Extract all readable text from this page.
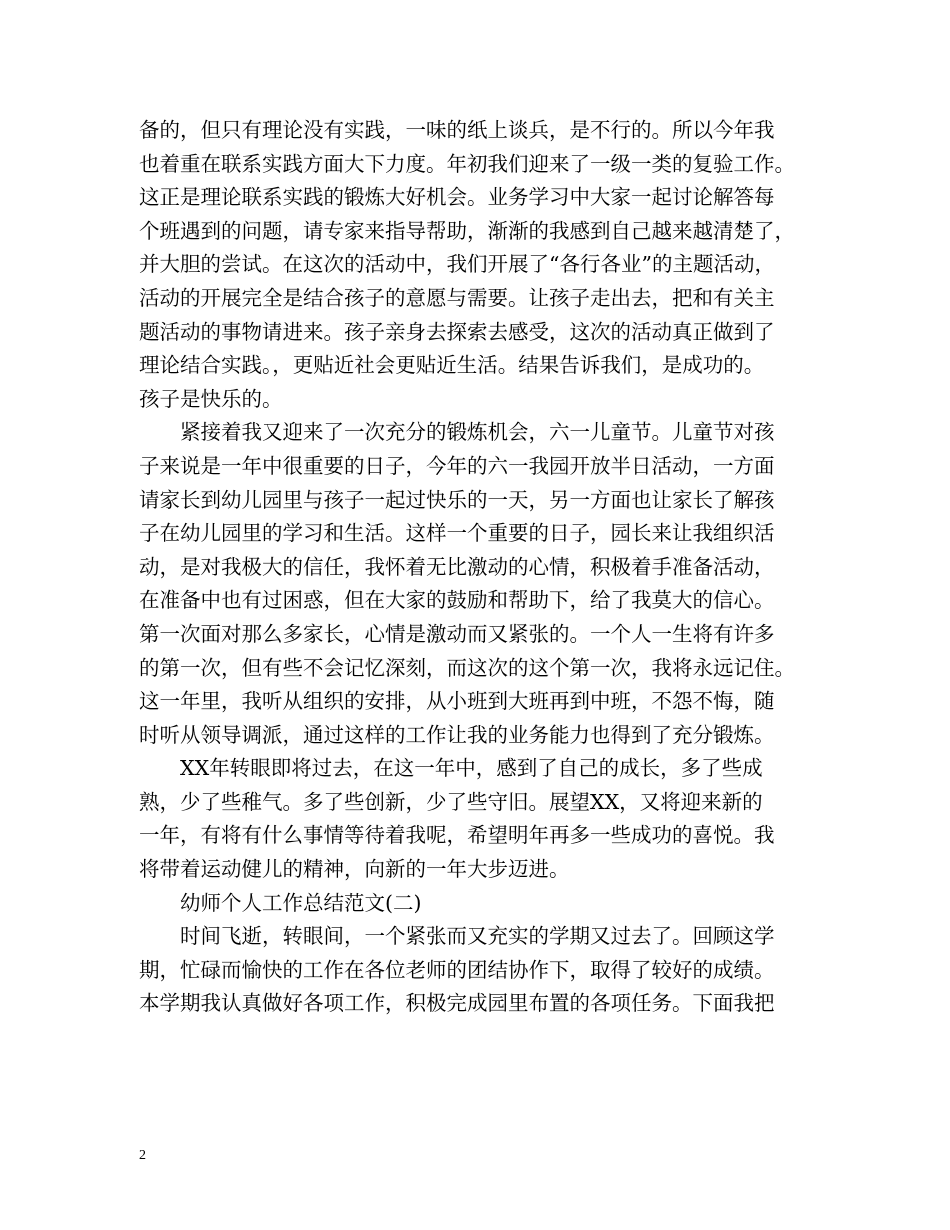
备的，但只有理论没有实践，一味的纸上谈兵，是不行的。所以今年我
也着重在联系实践方面大下力度。年初我们迎来了一级一类的复验工作。
这正是理论联系实践的锻炼大好机会。业务学习中大家一起讨论解答每
个班遇到的问题，请专家来指导帮助，渐渐的我感到自己越来越清楚了，
并大胆的尝试。在这次的活动中，我们开展了“各行各业”的主题活动，
活动的开展完全是结合孩子的意愿与需要。让孩子走出去，把和有关主
题活动的事物请进来。孩子亲身去探索去感受，这次的活动真正做到了
理论结合实践。，更贴近社会更贴近生活。结果告诉我们，是成功的。
孩子是快乐的。
紧接着我又迎来了一次充分的锻炼机会，六一儿童节。儿童节对孩
子来说是一年中很重要的日子，今年的六一我园开放半日活动，一方面
请家长到幼儿园里与孩子一起过快乐的一天，另一方面也让家长了解孩
子在幼儿园里的学习和生活。这样一个重要的日子，园长来让我组织活
动，是对我极大的信任，我怀着无比激动的心情，积极着手准备活动，
在准备中也有过困惑，但在大家的鼓励和帮助下，给了我莫大的信心。
第一次面对那么多家长，心情是激动而又紧张的。一个人一生将有许多
的第一次，但有些不会记忆深刻，而这次的这个第一次，我将永远记住。
这一年里，我听从组织的安排，从小班到大班再到中班，不怨不悔，随
时听从领导调派，通过这样的工作让我的业务能力也得到了充分锻炼。
XX年转眼即将过去，在这一年中，感到了自己的成长，多了些成
熟，少了些稚气。多了些创新，少了些守旧。展望XX，又将迎来新的
一年，有将有什么事情等待着我呢，希望明年再多一些成功的喜悦。我
将带着运动健儿的精神，向新的一年大步迈进。
幼师个人工作总结范文(二)
时间飞逝，转眼间，一个紧张而又充实的学期又过去了。回顾这学
期，忙碌而愉快的工作在各位老师的团结协作下，取得了较好的成绩。
本学期我认真做好各项工作，积极完成园里布置的各项任务。下面我把
2
